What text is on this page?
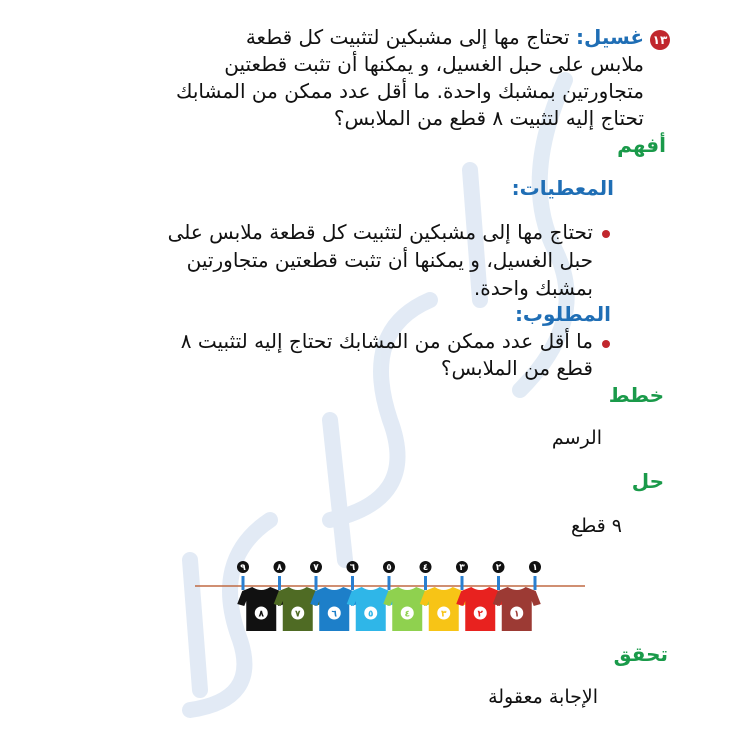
١٣
غسيل: تحتاج مها إلى مشبكين لتثبيت كل قطعة
ملابس على حبل الغسيل، و يمكنها أن تثبت قطعتين
متجاورتين بمشبك واحدة. ما أقل عدد ممكن من المشابك
تحتاج إليه لتثبيت ٨ قطع من الملابس؟
أفهم
المعطيات:
تحتاج مها إلى مشبكين لتثبيت كل قطعة ملابس على
حبل الغسيل، و يمكنها أن تثبت قطعتين متجاورتين
بمشبك واحدة.
المطلوب:
ما أقل عدد ممكن من المشابك تحتاج إليه لتثبيت ٨
قطع من الملابس؟
خطط
الرسم
حل
٩ قطع
٨	٧	٦	٥	٤	٣	٢	١
٩	٨	٧	٦	٥	٤	٣	٢	١
تحقق
الإجابة معقولة
